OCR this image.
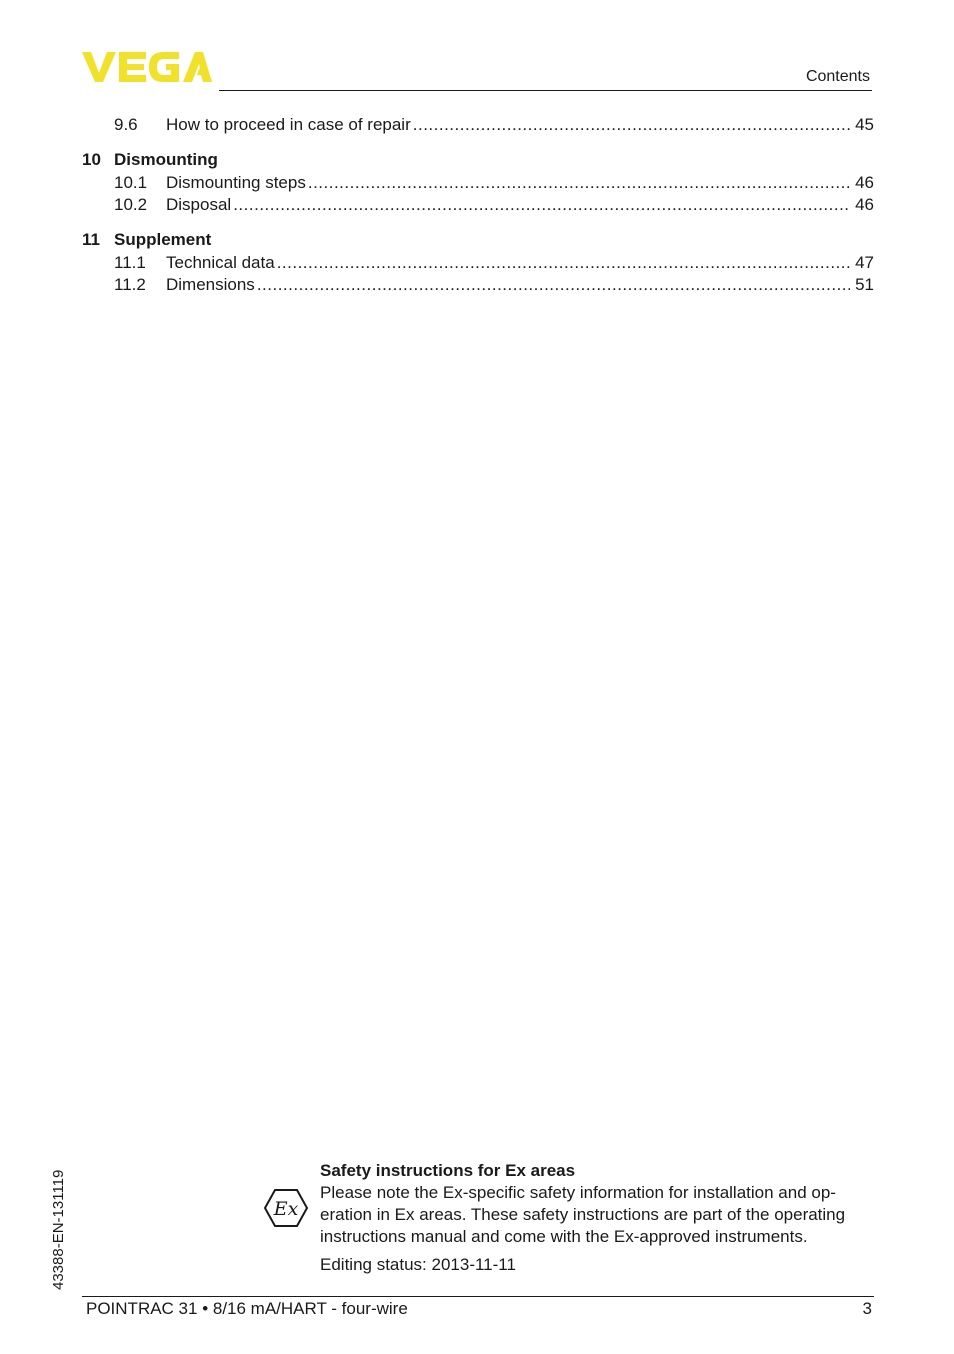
Contents
9.6	How to proceed in case of repair .....	45
10 Dismounting
10.1	Dismounting steps .....	46
10.2	Disposal .....	46
11 Supplement
11.1	Technical data .....	47
11.2	Dimensions .....	51
43388-EN-131119	Ex
Safety instructions for Ex areas
Please note the Ex-specific safety information for installation and op-
eration in Ex areas. These safety instructions are part of the operating
instructions manual and come with the Ex-approved instruments.
Editing status: 2013-11-11
POINTRAC 31 • 8/16 mA/HART - four-wire	3
